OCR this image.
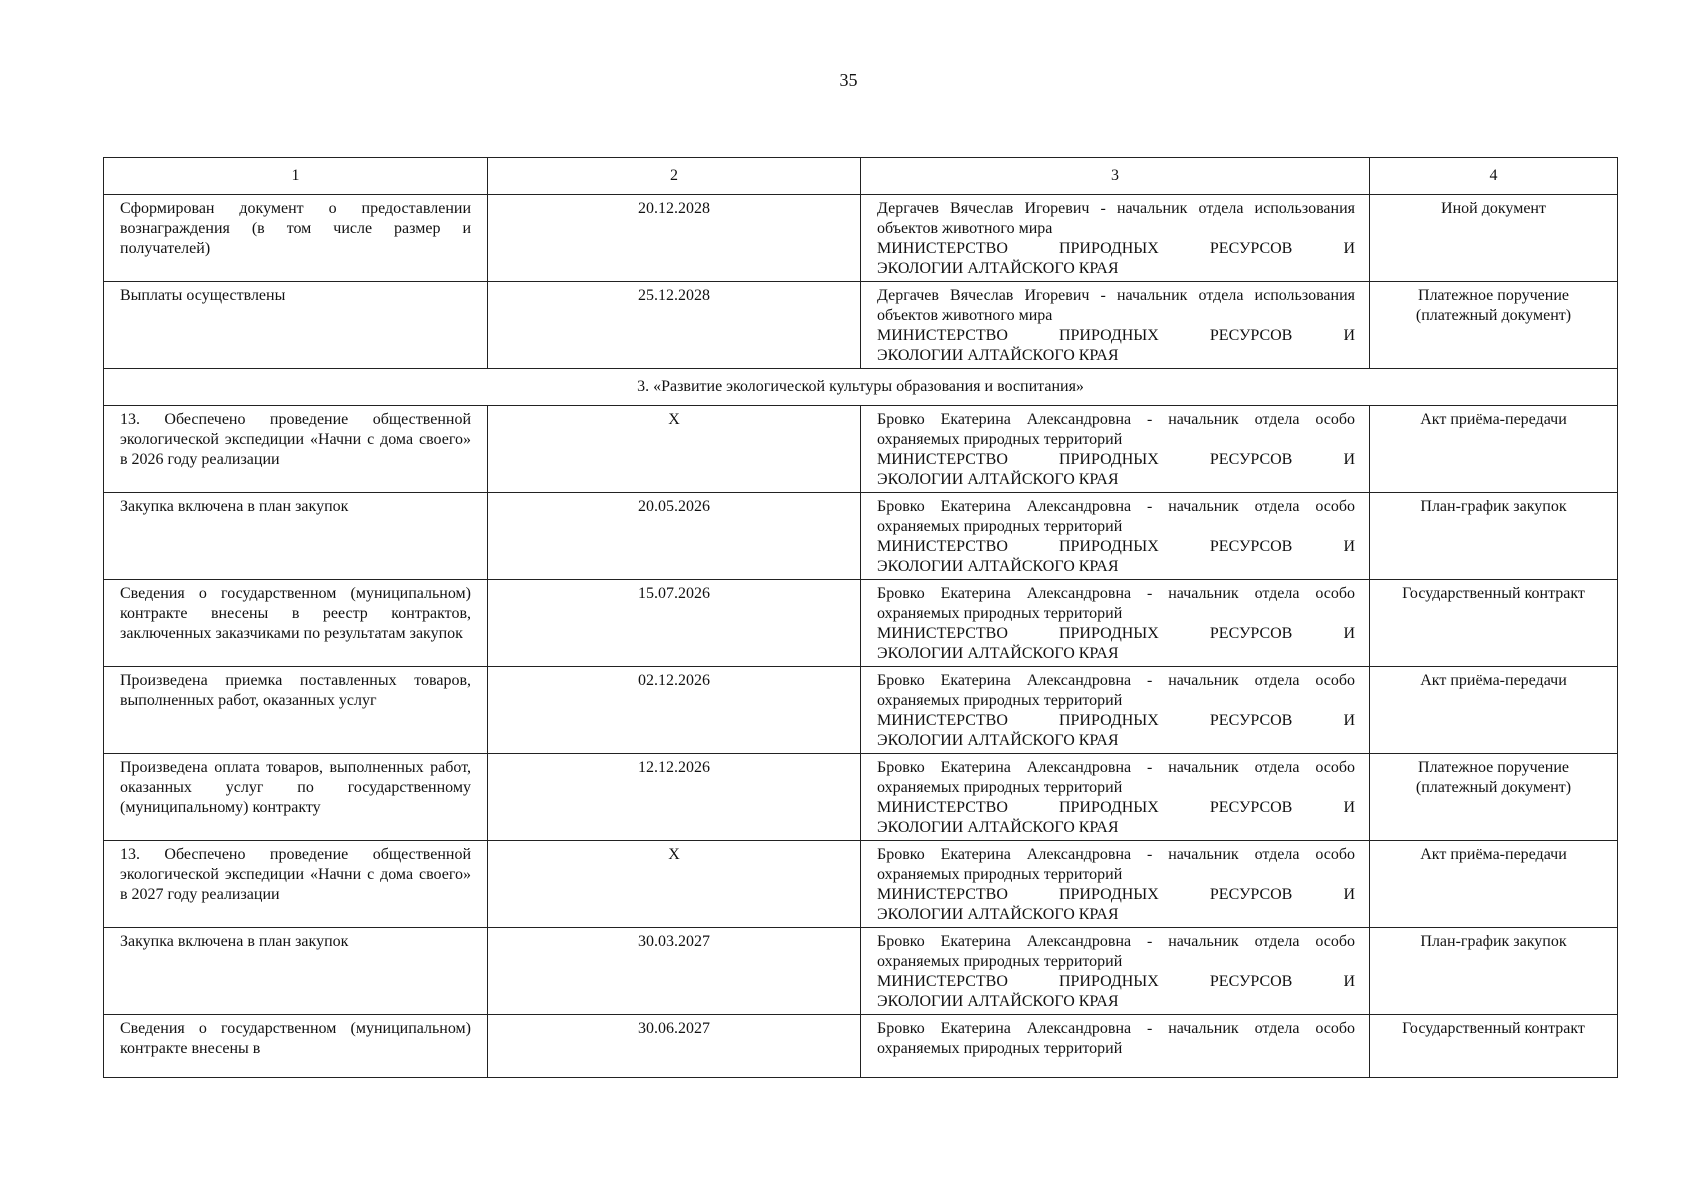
35
1	2	3	4

Сформирован документ о предоставлении вознаграждения (в том числе размер и получателей)	20.12.2028	Дергачев Вячеслав Игоревич - начальник отдела использования объектов животного мира
МИНИСТЕРСТВО ПРИРОДНЫХ РЕСУРСОВ И
ЭКОЛОГИИ АЛТАЙСКОГО КРАЯ	Иной документ

Выплаты осуществлены	25.12.2028	Дергачев Вячеслав Игоревич - начальник отдела использования объектов животного мира
МИНИСТЕРСТВО ПРИРОДНЫХ РЕСУРСОВ И
ЭКОЛОГИИ АЛТАЙСКОГО КРАЯ	Платежное поручение (платежный документ)
3. «Развитие экологической культуры образования и воспитания»			

13. Обеспечено проведение общественной экологической экспедиции «Начни с дома своего» в 2026 году реализации	X	Бровко Екатерина Александровна - начальник отдела особо охраняемых природных территорий
МИНИСТЕРСТВО ПРИРОДНЫХ РЕСУРСОВ И
ЭКОЛОГИИ АЛТАЙСКОГО КРАЯ	Акт приёма-передачи

Закупка включена в план закупок	20.05.2026	Бровко Екатерина Александровна - начальник отдела особо охраняемых природных территорий
МИНИСТЕРСТВО ПРИРОДНЫХ РЕСУРСОВ И
ЭКОЛОГИИ АЛТАЙСКОГО КРАЯ	План-график закупок

Сведения о государственном (муниципальном) контракте внесены в реестр контрактов, заключенных заказчиками по результатам закупок	15.07.2026	Бровко Екатерина Александровна - начальник отдела особо охраняемых природных территорий
МИНИСТЕРСТВО ПРИРОДНЫХ РЕСУРСОВ И
ЭКОЛОГИИ АЛТАЙСКОГО КРАЯ	Государственный контракт

Произведена приемка поставленных товаров, выполненных работ, оказанных услуг	02.12.2026	Бровко Екатерина Александровна - начальник отдела особо охраняемых природных территорий
МИНИСТЕРСТВО ПРИРОДНЫХ РЕСУРСОВ И
ЭКОЛОГИИ АЛТАЙСКОГО КРАЯ	Акт приёма-передачи

Произведена оплата товаров, выполненных работ, оказанных услуг по государственному (муниципальному) контракту	12.12.2026	Бровко Екатерина Александровна - начальник отдела особо охраняемых природных территорий
МИНИСТЕРСТВО ПРИРОДНЫХ РЕСУРСОВ И
ЭКОЛОГИИ АЛТАЙСКОГО КРАЯ	Платежное поручение (платежный документ)

13. Обеспечено проведение общественной экологической экспедиции «Начни с дома своего» в 2027 году реализации	X	Бровко Екатерина Александровна - начальник отдела особо охраняемых природных территорий
МИНИСТЕРСТВО ПРИРОДНЫХ РЕСУРСОВ И
ЭКОЛОГИИ АЛТАЙСКОГО КРАЯ	Акт приёма-передачи

Закупка включена в план закупок	30.03.2027	Бровко Екатерина Александровна - начальник отдела особо охраняемых природных территорий
МИНИСТЕРСТВО ПРИРОДНЫХ РЕСУРСОВ И
ЭКОЛОГИИ АЛТАЙСКОГО КРАЯ	План-график закупок

Сведения о государственном (муниципальном) контракте внесены в	30.06.2027	Бровко Екатерина Александровна - начальник отдела особо охраняемых природных территорий	Государственный контракт
